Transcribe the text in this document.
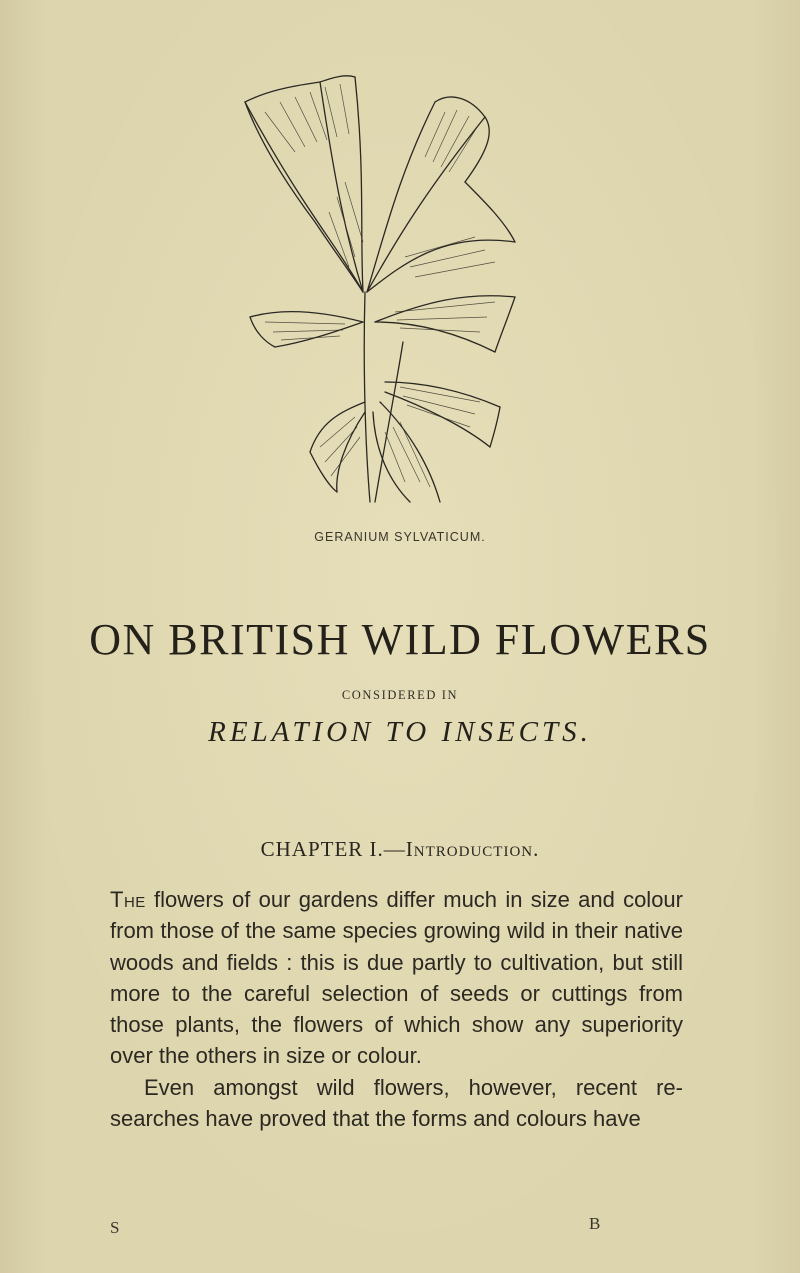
GERANIUM SYLVATICUM.
ON BRITISH WILD FLOWERS
CONSIDERED IN
RELATION TO INSECTS.
CHAPTER I.—Introduction.

The flowers of our gardens differ much in size and colour from those of the same species growing wild in their native woods and fields : this is due partly to cultivation, but still more to the careful selection of seeds or cuttings from those plants, the flowers of which show any superiority over the others in size or colour.

Even amongst wild flowers, however, recent re-searches have proved that the forms and colours have

S	B
